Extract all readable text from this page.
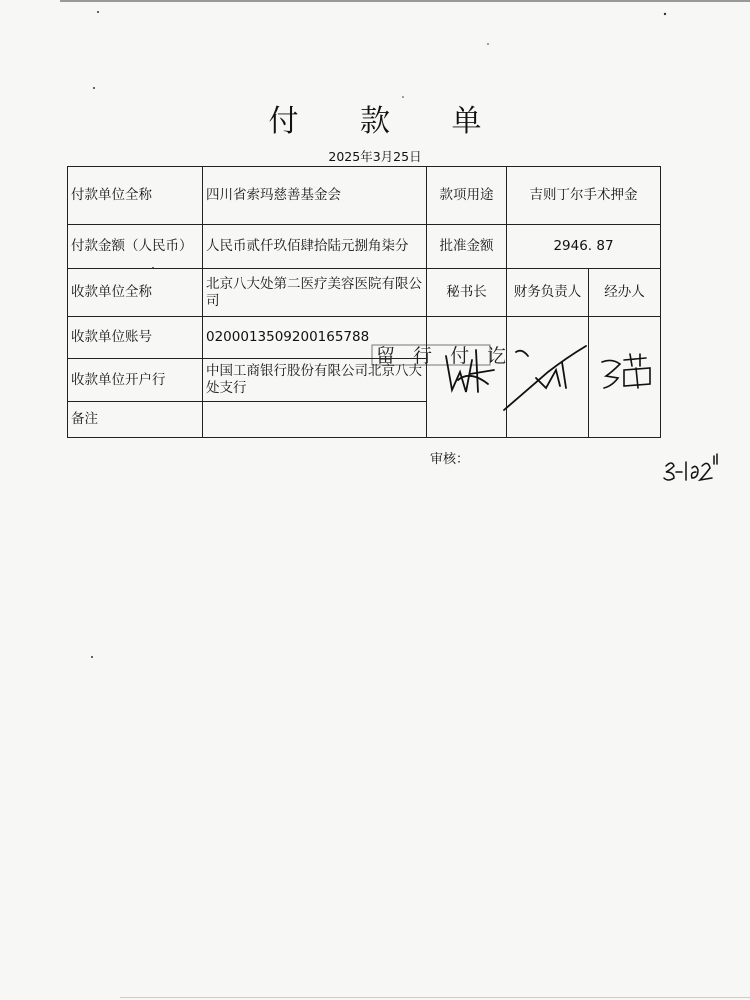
付 款 单
2025年3月25日
付款单位全称	四川省索玛慈善基金会	款项用途	吉则丁尔手术押金	
付款金额（人民币）	人民币贰仟玖佰肆拾陆元捌角柒分	批准金额	2946. 87	
收款单位全称	北京八大处第二医疗美容医院有限公司	秘书长	财务负责人	经办人
收款单位账号	0200013509200165788			
收款单位开户行	中国工商银行股份有限公司北京八大处支行			
备注				
留 行 付 讫
审核：
